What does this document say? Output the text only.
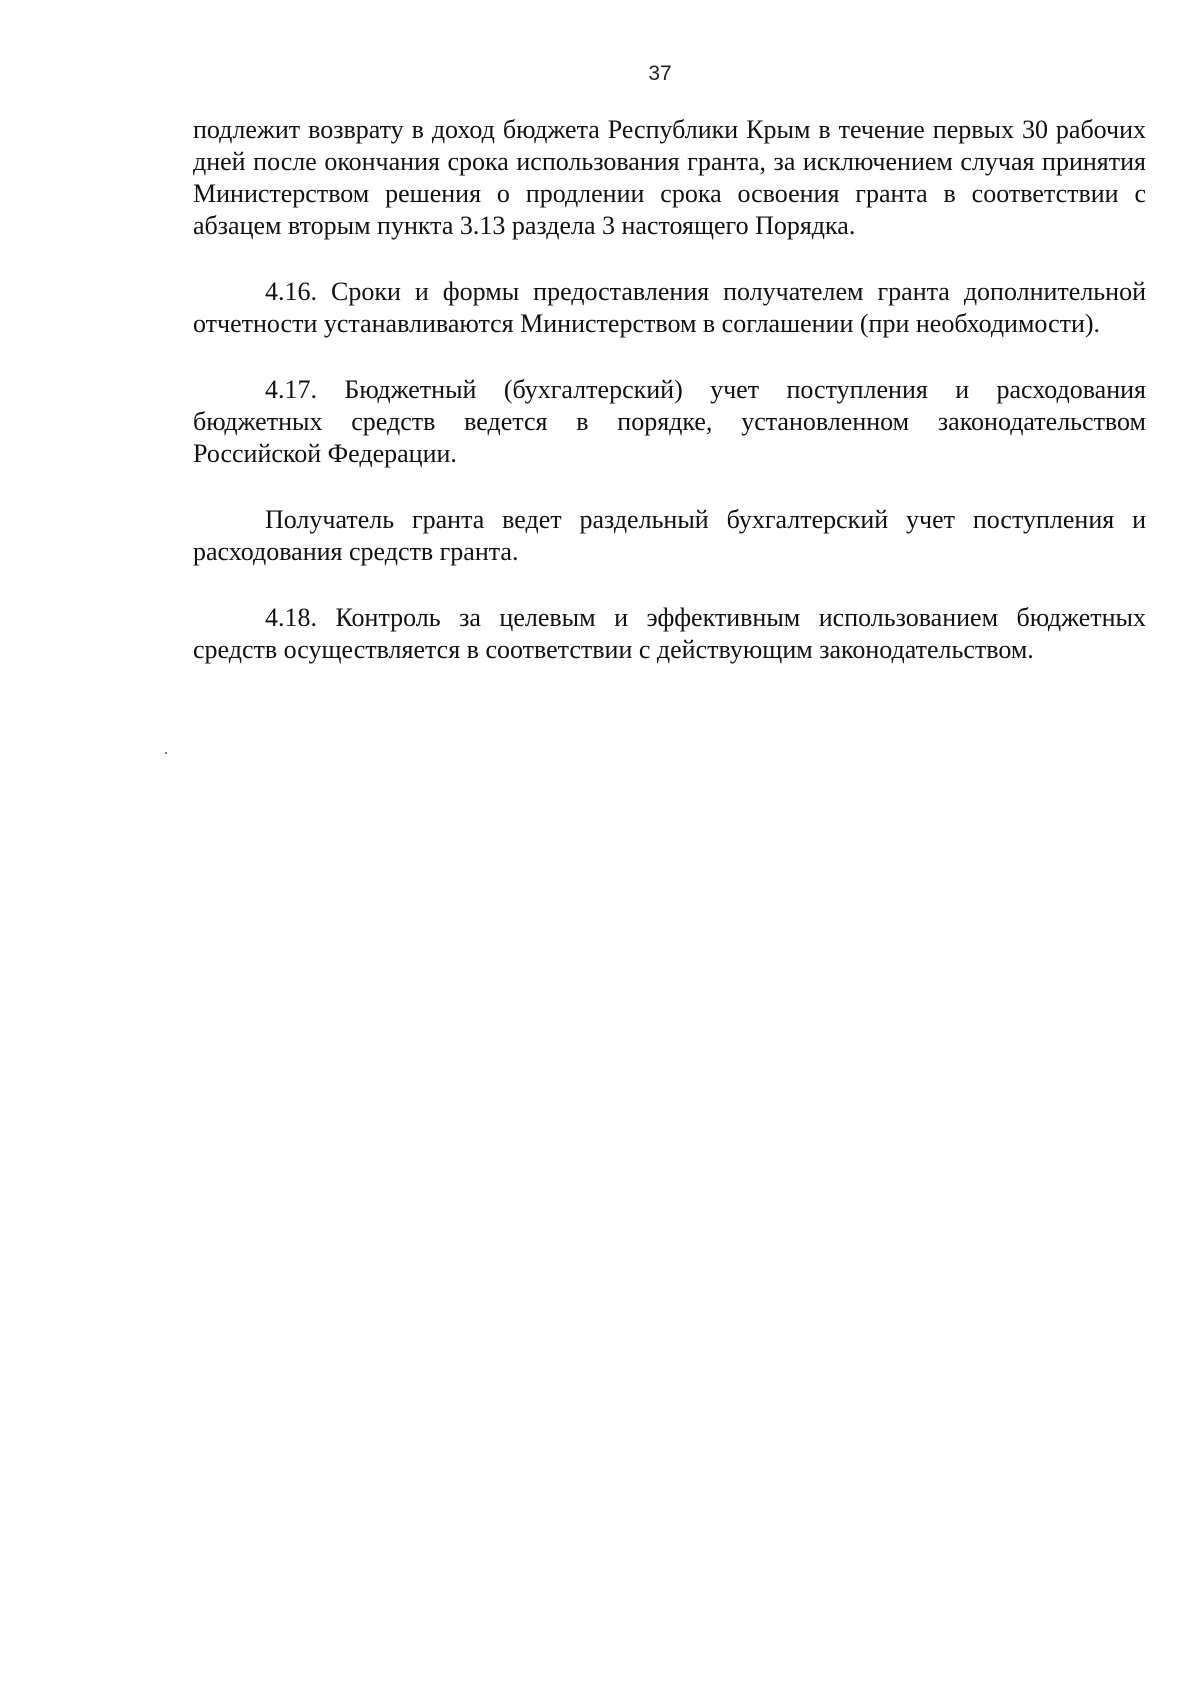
37

подлежит возврату в доход бюджета Республики Крым в течение первых 30 рабочих дней после окончания срока использования гранта, за исключением случая принятия Министерством решения о продлении срока освоения гранта в соответствии с абзацем вторым пункта 3.13 раздела 3 настоящего Порядка.

4.16. Сроки и формы предоставления получателем гранта дополнительной отчетности устанавливаются Министерством в соглашении (при необходимости).

4.17. Бюджетный (бухгалтерский) учет поступления и расходования бюджетных средств ведется в порядке, установленном законодательством Российской Федерации.

Получатель гранта ведет раздельный бухгалтерский учет поступления и расходования средств гранта.

4.18. Контроль за целевым и эффективным использованием бюджетных средств осуществляется в соответствии с действующим законодательством.
